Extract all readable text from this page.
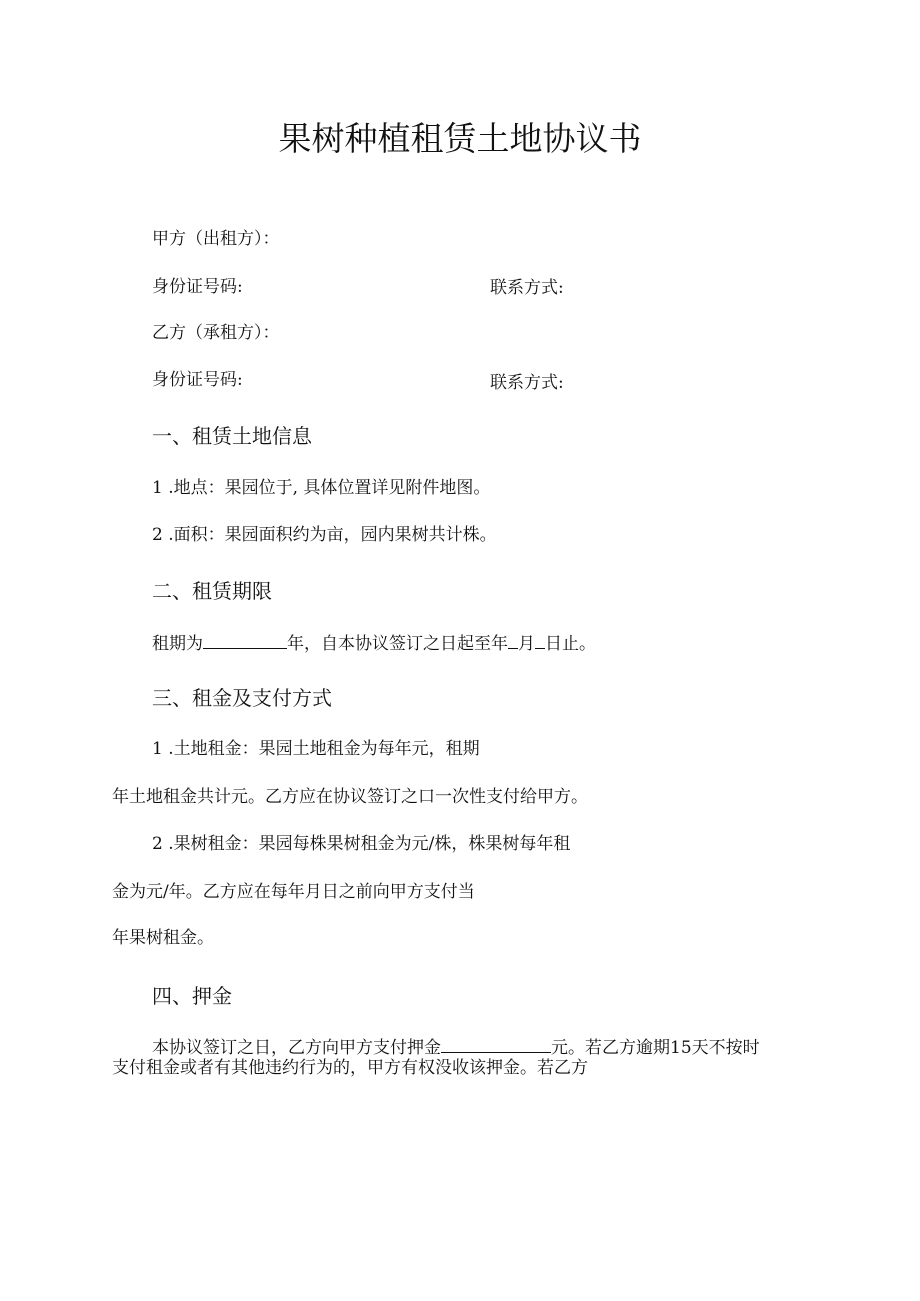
果树种植租赁土地协议书
甲方（出租方）：
身份证号码:	联系方式:
乙方（承租方）：
身份证号码:	联系方式:
一、租赁土地信息
1 .地点：果园位于, 具体位置详见附件地图。
2 .面积：果园面积约为亩，园内果树共计株。
二、租赁期限
租期为	年，自本协议签订之日起至年 月 日止。
三、租金及支付方式
1 .土地租金：果园土地租金为每年元，租期
年土地租金共计元。乙方应在协议签订之口一次性支付给甲方。
2 .果树租金：果园每株果树租金为元/株，株果树每年租
金为元/年。乙方应在每年月日之前向甲方支付当
年果树租金。
四、押金
本协议签订之日，乙方向甲方支付押金	元。若乙方逾期15天不按时
支付租金或者有其他违约行为的，甲方有权没收该押金。若乙方
